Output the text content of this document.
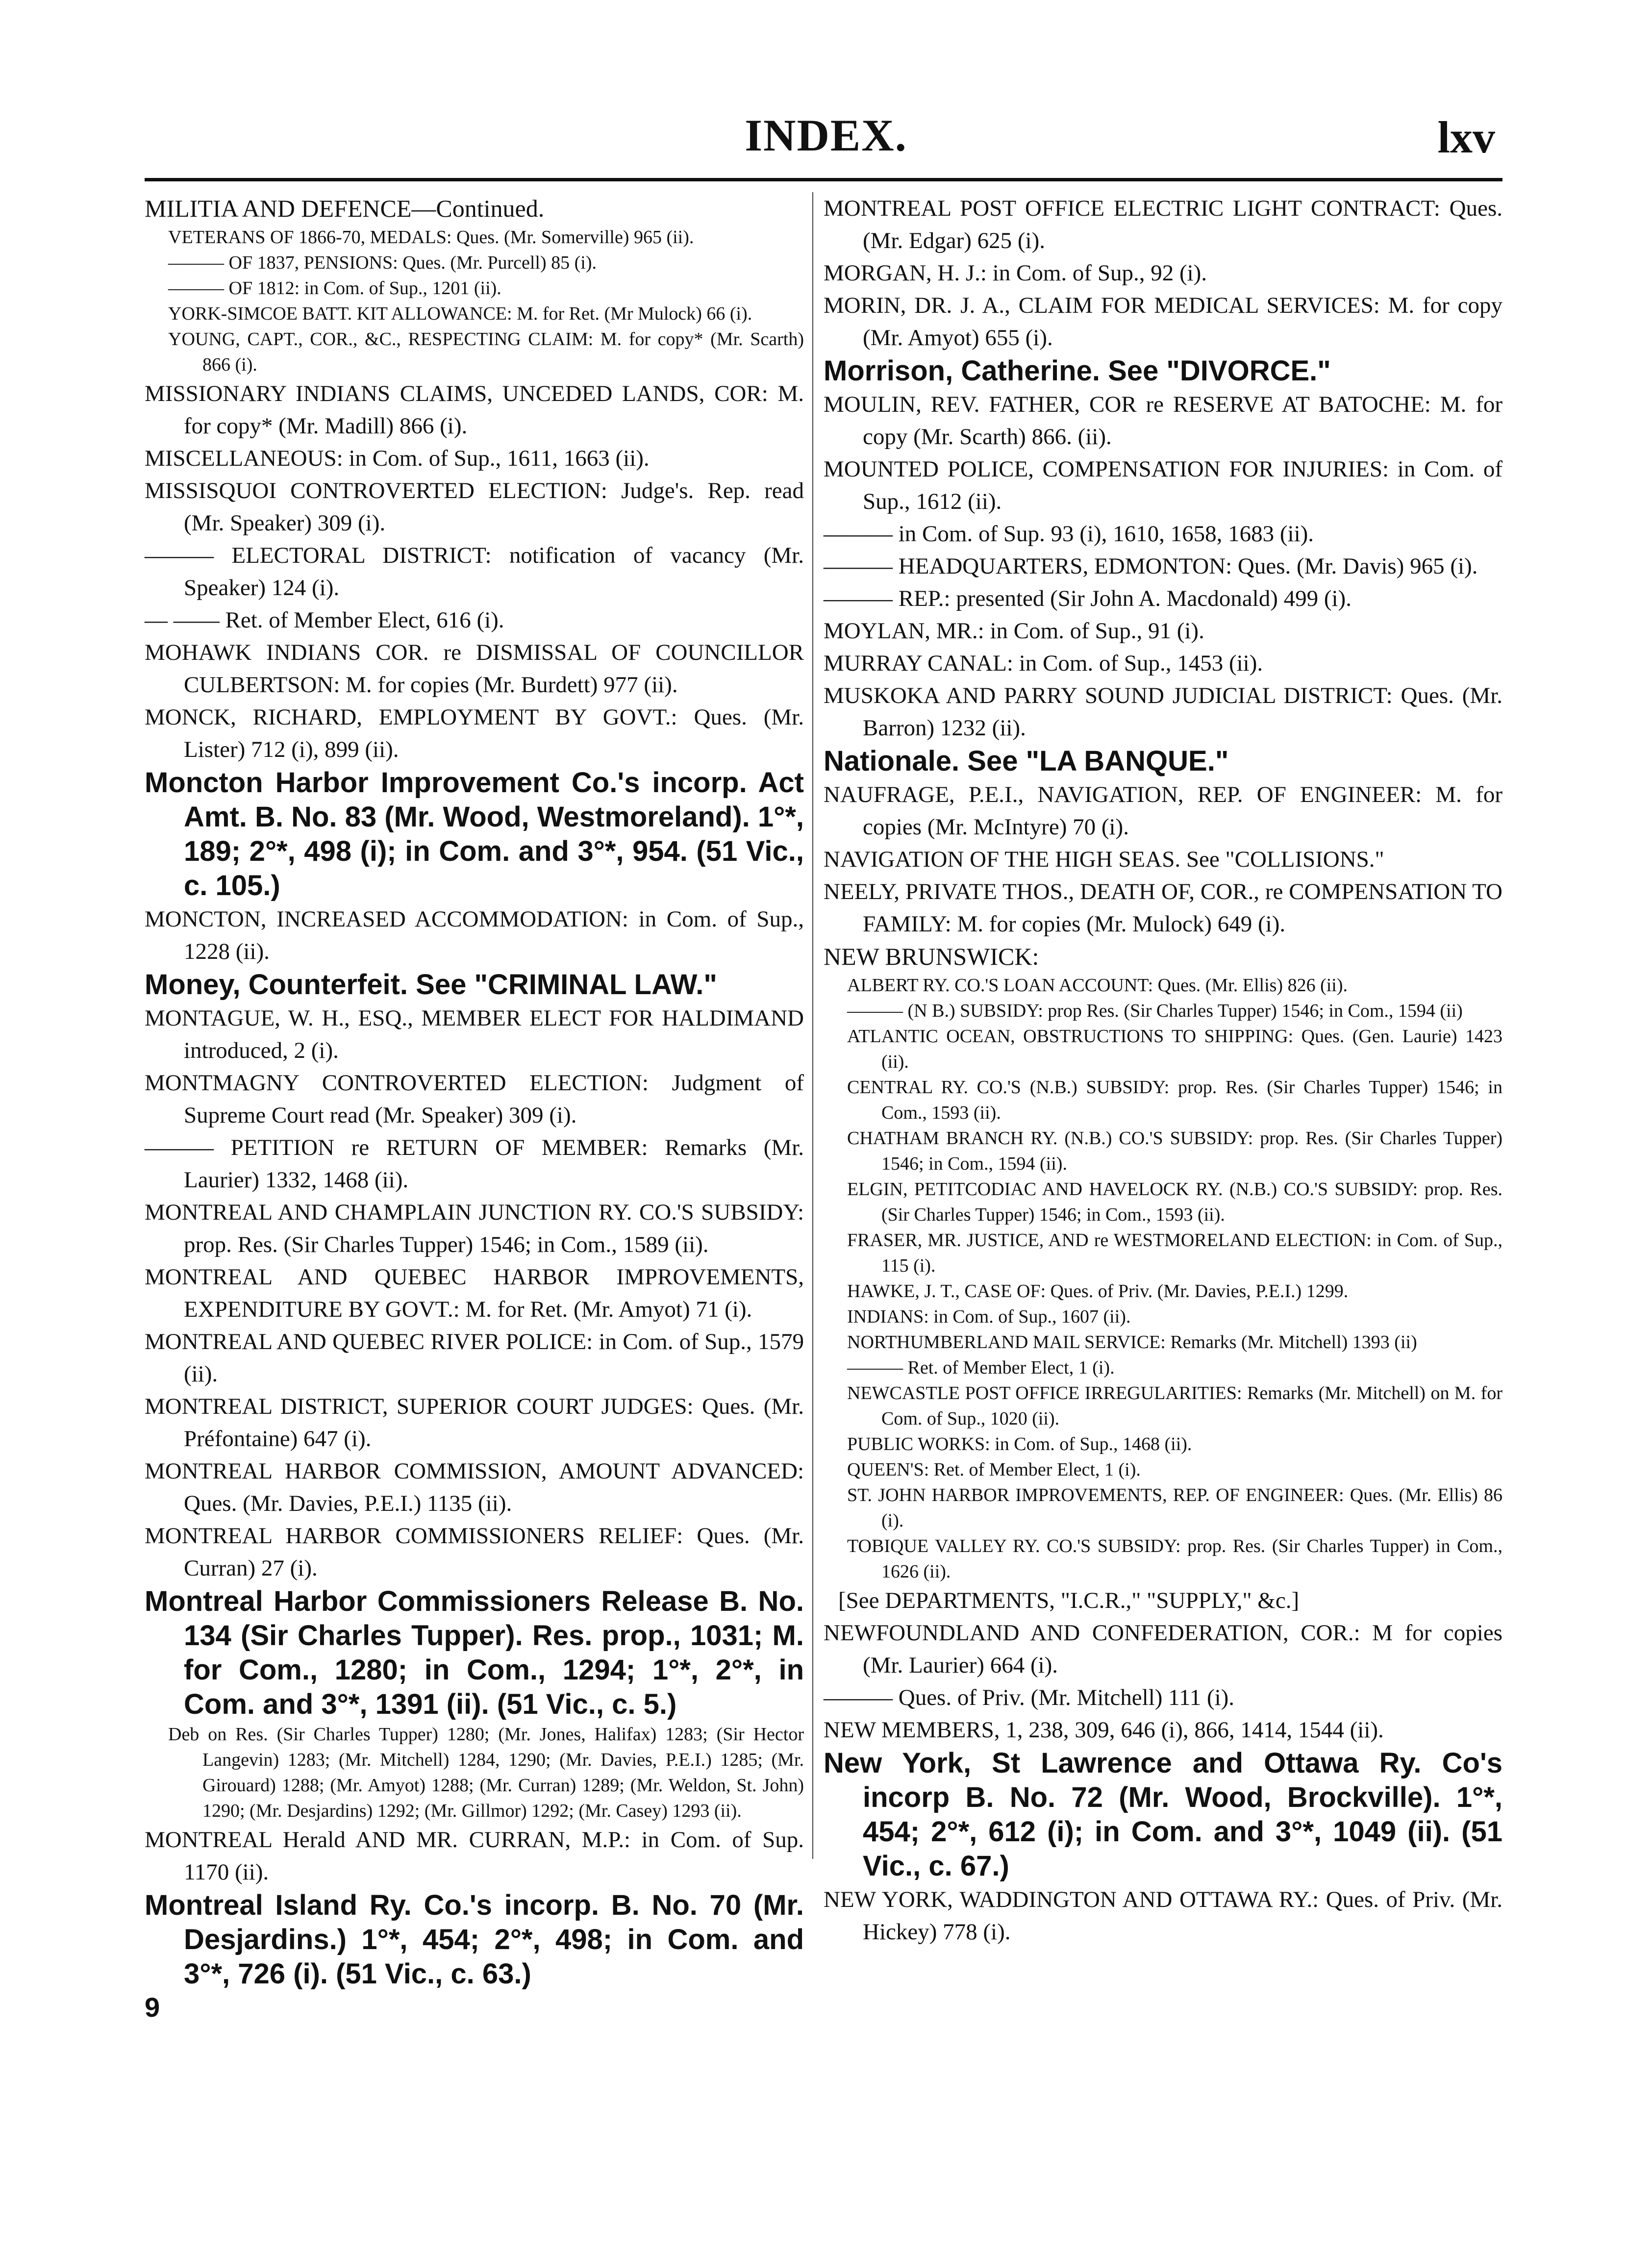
INDEX.	lxv

MILITIA AND DEFENCE—Continued.

VETERANS OF 1866-70, MEDALS: Ques. (Mr. Somerville) 965 (ii).

——— OF 1837, PENSIONS: Ques. (Mr. Purcell) 85 (i).

——— OF 1812: in Com. of Sup., 1201 (ii).

YORK-SIMCOE BATT. KIT ALLOWANCE: M. for Ret. (Mr Mulock) 66 (i).

YOUNG, CAPT., COR., &C., RESPECTING CLAIM: M. for copy* (Mr. Scarth) 866 (i).

MISSIONARY INDIANS CLAIMS, UNCEDED LANDS, COR: M. for copy* (Mr. Madill) 866 (i).

MISCELLANEOUS: in Com. of Sup., 1611, 1663 (ii).

MISSISQUOI CONTROVERTED ELECTION: Judge's. Rep. read (Mr. Speaker) 309 (i).

——— ELECTORAL DISTRICT: notification of vacancy (Mr. Speaker) 124 (i).

— —— Ret. of Member Elect, 616 (i).

MOHAWK INDIANS COR. re DISMISSAL OF COUNCILLOR CULBERTSON: M. for copies (Mr. Burdett) 977 (ii).

MONCK, RICHARD, EMPLOYMENT BY GOVT.: Ques. (Mr. Lister) 712 (i), 899 (ii).

Moncton Harbor Improvement Co.'s incorp. Act Amt. B. No. 83 (Mr. Wood, Westmoreland). 1°*, 189; 2°*, 498 (i); in Com. and 3°*, 954. (51 Vic., c. 105.)

MONCTON, INCREASED ACCOMMODATION: in Com. of Sup., 1228 (ii).

Money, Counterfeit. See "CRIMINAL LAW."

MONTAGUE, W. H., ESQ., MEMBER ELECT FOR HALDIMAND introduced, 2 (i).

MONTMAGNY CONTROVERTED ELECTION: Judgment of Supreme Court read (Mr. Speaker) 309 (i).

——— PETITION re RETURN OF MEMBER: Remarks (Mr. Laurier) 1332, 1468 (ii).

MONTREAL AND CHAMPLAIN JUNCTION RY. CO.'S SUBSIDY: prop. Res. (Sir Charles Tupper) 1546; in Com., 1589 (ii).

MONTREAL AND QUEBEC HARBOR IMPROVEMENTS, EXPENDITURE BY GOVT.: M. for Ret. (Mr. Amyot) 71 (i).

MONTREAL AND QUEBEC RIVER POLICE: in Com. of Sup., 1579 (ii).

MONTREAL DISTRICT, SUPERIOR COURT JUDGES: Ques. (Mr. Préfontaine) 647 (i).

MONTREAL HARBOR COMMISSION, AMOUNT ADVANCED: Ques. (Mr. Davies, P.E.I.) 1135 (ii).

MONTREAL HARBOR COMMISSIONERS RELIEF: Ques. (Mr. Curran) 27 (i).

Montreal Harbor Commissioners Release B. No. 134 (Sir Charles Tupper). Res. prop., 1031; M. for Com., 1280; in Com., 1294; 1°*, 2°*, in Com. and 3°*, 1391 (ii). (51 Vic., c. 5.)

Deb on Res. (Sir Charles Tupper) 1280; (Mr. Jones, Halifax) 1283; (Sir Hector Langevin) 1283; (Mr. Mitchell) 1284, 1290; (Mr. Davies, P.E.I.) 1285; (Mr. Girouard) 1288; (Mr. Amyot) 1288; (Mr. Curran) 1289; (Mr. Weldon, St. John) 1290; (Mr. Desjardins) 1292; (Mr. Gillmor) 1292; (Mr. Casey) 1293 (ii).

MONTREAL Herald AND MR. CURRAN, M.P.: in Com. of Sup. 1170 (ii).

Montreal Island Ry. Co.'s incorp. B. No. 70 (Mr. Desjardins.) 1°*, 454; 2°*, 498; in Com. and 3°*, 726 (i). (51 Vic., c. 63.)

9

MONTREAL POST OFFICE ELECTRIC LIGHT CONTRACT: Ques. (Mr. Edgar) 625 (i).

MORGAN, H. J.: in Com. of Sup., 92 (i).

MORIN, DR. J. A., CLAIM FOR MEDICAL SERVICES: M. for copy (Mr. Amyot) 655 (i).

Morrison, Catherine. See "DIVORCE."

MOULIN, REV. FATHER, COR re RESERVE AT BATOCHE: M. for copy (Mr. Scarth) 866. (ii).

MOUNTED POLICE, COMPENSATION FOR INJURIES: in Com. of Sup., 1612 (ii).

——— in Com. of Sup. 93 (i), 1610, 1658, 1683 (ii).

——— HEADQUARTERS, EDMONTON: Ques. (Mr. Davis) 965 (i).

——— REP.: presented (Sir John A. Macdonald) 499 (i).

MOYLAN, MR.: in Com. of Sup., 91 (i).

MURRAY CANAL: in Com. of Sup., 1453 (ii).

MUSKOKA AND PARRY SOUND JUDICIAL DISTRICT: Ques. (Mr. Barron) 1232 (ii).

Nationale. See "LA BANQUE."

NAUFRAGE, P.E.I., NAVIGATION, REP. OF ENGINEER: M. for copies (Mr. McIntyre) 70 (i).

NAVIGATION OF THE HIGH SEAS. See "COLLISIONS."

NEELY, PRIVATE THOS., DEATH OF, COR., re COMPENSATION TO FAMILY: M. for copies (Mr. Mulock) 649 (i).

NEW BRUNSWICK:

ALBERT RY. CO.'S LOAN ACCOUNT: Ques. (Mr. Ellis) 826 (ii).

——— (N B.) SUBSIDY: prop Res. (Sir Charles Tupper) 1546; in Com., 1594 (ii)

ATLANTIC OCEAN, OBSTRUCTIONS TO SHIPPING: Ques. (Gen. Laurie) 1423 (ii).

CENTRAL RY. CO.'S (N.B.) SUBSIDY: prop. Res. (Sir Charles Tupper) 1546; in Com., 1593 (ii).

CHATHAM BRANCH RY. (N.B.) CO.'S SUBSIDY: prop. Res. (Sir Charles Tupper) 1546; in Com., 1594 (ii).

ELGIN, PETITCODIAC AND HAVELOCK RY. (N.B.) CO.'S SUBSIDY: prop. Res. (Sir Charles Tupper) 1546; in Com., 1593 (ii).

FRASER, MR. JUSTICE, AND re WESTMORELAND ELECTION: in Com. of Sup., 115 (i).

HAWKE, J. T., CASE OF: Ques. of Priv. (Mr. Davies, P.E.I.) 1299.

INDIANS: in Com. of Sup., 1607 (ii).

NORTHUMBERLAND MAIL SERVICE: Remarks (Mr. Mitchell) 1393 (ii)

——— Ret. of Member Elect, 1 (i).

NEWCASTLE POST OFFICE IRREGULARITIES: Remarks (Mr. Mitchell) on M. for Com. of Sup., 1020 (ii).

PUBLIC WORKS: in Com. of Sup., 1468 (ii).

QUEEN'S: Ret. of Member Elect, 1 (i).

ST. JOHN HARBOR IMPROVEMENTS, REP. OF ENGINEER: Ques. (Mr. Ellis) 86 (i).

TOBIQUE VALLEY RY. CO.'S SUBSIDY: prop. Res. (Sir Charles Tupper) in Com., 1626 (ii).

[See DEPARTMENTS, "I.C.R.," "SUPPLY," &c.]

NEWFOUNDLAND AND CONFEDERATION, COR.: M for copies (Mr. Laurier) 664 (i).

——— Ques. of Priv. (Mr. Mitchell) 111 (i).

NEW MEMBERS, 1, 238, 309, 646 (i), 866, 1414, 1544 (ii).

New York, St Lawrence and Ottawa Ry. Co's incorp B. No. 72 (Mr. Wood, Brockville). 1°*, 454; 2°*, 612 (i); in Com. and 3°*, 1049 (ii). (51 Vic., c. 67.)

NEW YORK, WADDINGTON AND OTTAWA RY.: Ques. of Priv. (Mr. Hickey) 778 (i).
